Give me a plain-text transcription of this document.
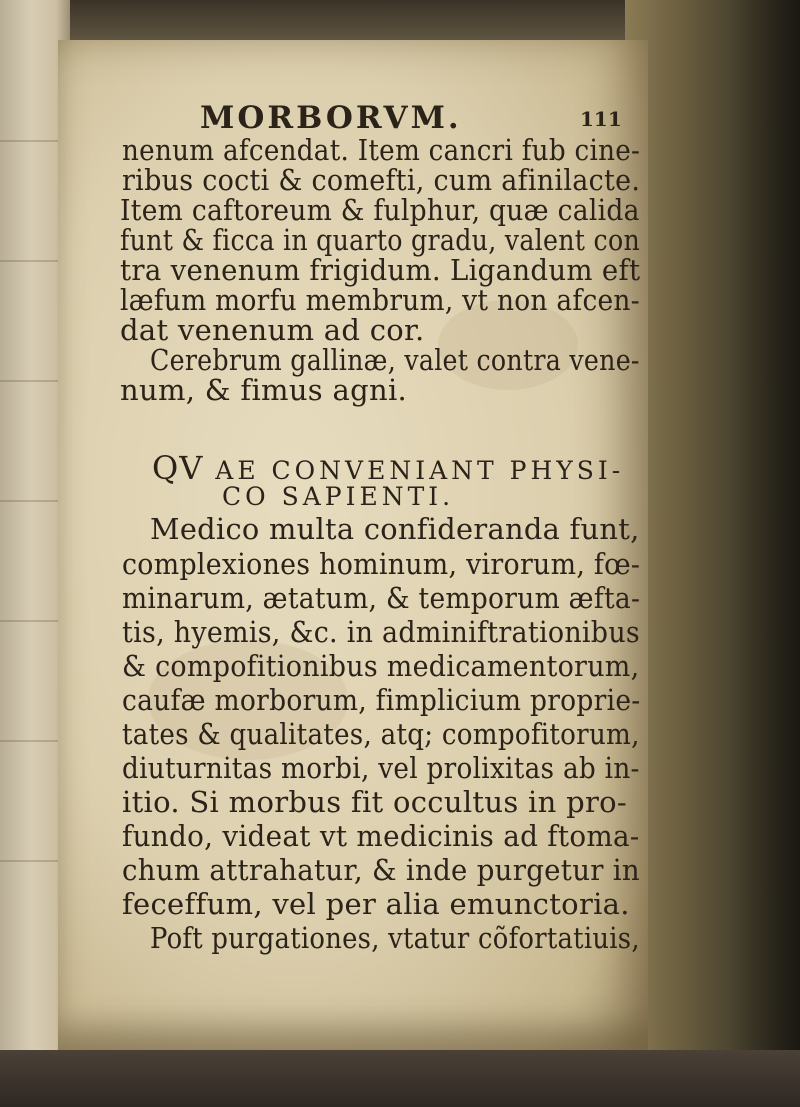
MORBORVM.	111
nenum afcendat. Item cancri fub cine-
ribus cocti & comefti, cum afinilacte.
Item caftoreum & fulphur, quæ calida
funt & ficca in quarto gradu, valent con
tra venenum frigidum. Ligandum eft
læfum morfu membrum, vt non afcen-
dat venenum ad cor.
Cerebrum gallinæ, valet contra vene-
num, & fimus agni.
QV AE CONVENIANT PHYSI-
CO SAPIENTI.
Medico multa confideranda funt,
complexiones hominum, virorum, fœ-
minarum, ætatum, & temporum æfta-
tis, hyemis, &c. in adminiftrationibus
& compofitionibus medicamentorum,
caufæ morborum, fimplicium proprie-
tates & qualitates, atq; compofitorum,
diuturnitas morbi, vel prolixitas ab in-
itio. Si morbus fit occultus in pro-
fundo, videat vt medicinis ad ftoma-
chum attrahatur, & inde purgetur in
feceffum, vel per alia emunctoria.
Poft purgationes, vtatur cõfortatiuis,
